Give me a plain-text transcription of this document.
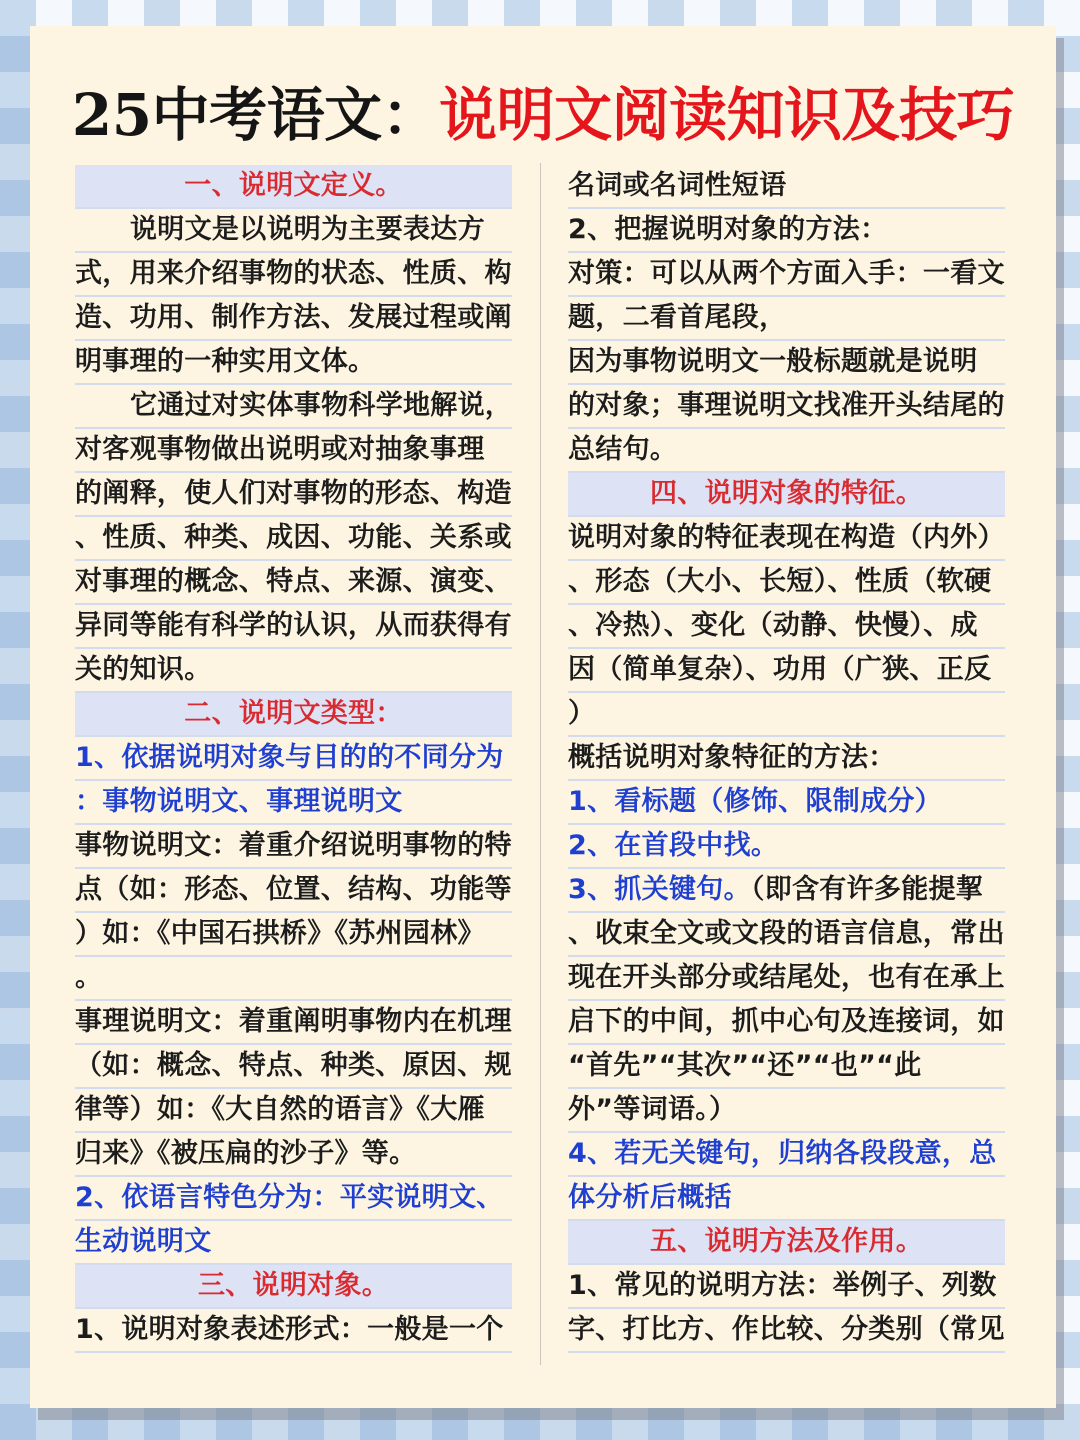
25中考语文：说明文阅读知识及技巧
一、说明文定义。
说明文是以说明为主要表达方
式，用来介绍事物的状态、性质、构
造、功用、制作方法、发展过程或阐
明事理的一种实用文体。
它通过对实体事物科学地解说，
对客观事物做出说明或对抽象事理
的阐释，使人们对事物的形态、构造
、性质、种类、成因、功能、关系或
对事理的概念、特点、来源、演变、
异同等能有科学的认识，从而获得有
关的知识。
二、说明文类型：
1、依据说明对象与目的的不同分为
：事物说明文、事理说明文
事物说明文：着重介绍说明事物的特
点（如：形态、位置、结构、功能等
）如：《中国石拱桥》《苏州园林》
。
事理说明文：着重阐明事物内在机理
（如：概念、特点、种类、原因、规
律等）如：《大自然的语言》《大雁
归来》《被压扁的沙子》等。
2、依语言特色分为：平实说明文、
生动说明文
三、说明对象。
1、说明对象表述形式：一般是一个
名词或名词性短语
2、把握说明对象的方法：
对策：可以从两个方面入手：一看文
题，二看首尾段，
因为事物说明文一般标题就是说明
的对象；事理说明文找准开头结尾的
总结句。
四、说明对象的特征。
说明对象的特征表现在构造（内外）
、形态（大小、长短）、性质（软硬
、冷热）、变化（动静、快慢）、成
因（简单复杂）、功用（广狭、正反
）
概括说明对象特征的方法：
1、看标题（修饰、限制成分）
2、在首段中找。
3、抓关键句。（即含有许多能提挈
、收束全文或文段的语言信息，常出
现在开头部分或结尾处，也有在承上
启下的中间，抓中心句及连接词，如
“首先”“其次”“还”“也”“此
外”等词语。）
4、若无关键句，归纳各段段意，总
体分析后概括
五、说明方法及作用。
1、常见的说明方法：举例子、列数
字、打比方、作比较、分类别（常见
